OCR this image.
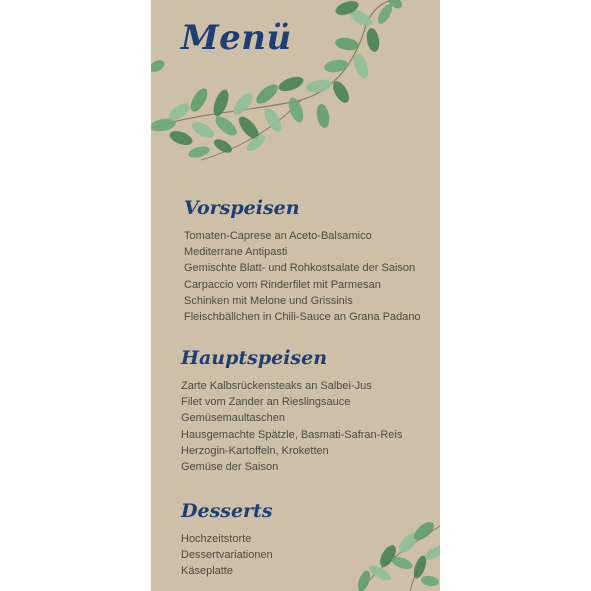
Menü
Vorspeisen
Tomaten-Caprese an Aceto-Balsamico
Mediterrane Antipasti
Gemischte Blatt- und Rohkostsalate der Saison
Carpaccio vom Rinderfilet mit Parmesan
Schinken mit Melone und Grissinis
Fleischbällchen in Chili-Sauce an Grana Padano
Hauptspeisen
Zarte Kalbsrückensteaks an Salbei-Jus
Filet vom Zander an Rieslingsauce
Gemüsemaultaschen
Hausgemachte Spätzle, Basmati-Safran-Reis
Herzogin-Kartoffeln, Kroketten
Gemüse der Saison
Desserts
Hochzeitstorte
Dessertvariationen
Käseplatte
